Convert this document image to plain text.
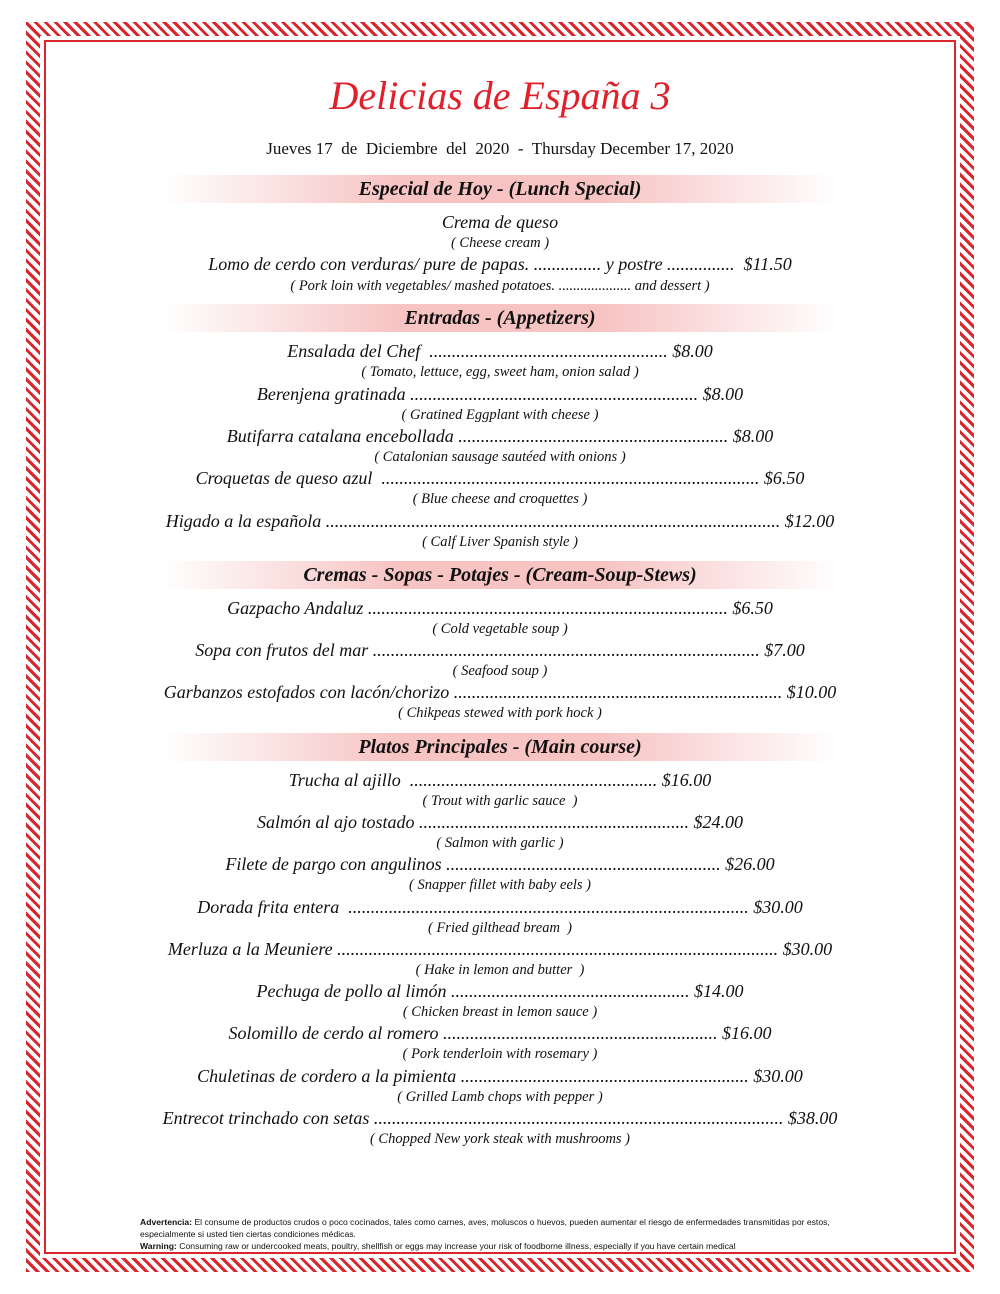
Delicias de España 3
Jueves 17  de  Diciembre  del  2020  -  Thursday December 17, 2020
Especial de Hoy - (Lunch Special)
Crema de queso
( Cheese cream )
Lomo de cerdo con verduras/ pure de papas. ............... y postre ...............  $11.50
( Pork loin with vegetables/ mashed potatoes. .................... and dessert )
Entradas - (Appetizers)
Ensalada del Chef  ..................................................... $8.00
( Tomato, lettuce, egg, sweet ham, onion salad )
Berenjena gratinada ................................................................ $8.00
( Gratined Eggplant with cheese )
Butifarra catalana encebollada ............................................................ $8.00
( Catalonian sausage sautéed with onions )
Croquetas de queso azul  .................................................................................... $6.50
( Blue cheese and croquettes )
Higado a la española ..................................................................................................... $12.00
( Calf Liver Spanish style )
Cremas - Sopas - Potajes - (Cream-Soup-Stews)
Gazpacho Andaluz ................................................................................ $6.50
( Cold vegetable soup )
Sopa con frutos del mar ...................................................................................... $7.00
( Seafood soup )
Garbanzos estofados con lacón/chorizo ......................................................................... $10.00
( Chikpeas stewed with pork hock )
Platos Principales - (Main course)
Trucha al ajillo  ....................................................... $16.00
( Trout with garlic sauce  )
Salmón al ajo tostado ............................................................ $24.00
( Salmon with garlic )
Filete de pargo con angulinos ............................................................. $26.00
( Snapper fillet with baby eels )
Dorada frita entera  ......................................................................................... $30.00
( Fried gilthead bream  )
Merluza a la Meuniere .................................................................................................. $30.00
( Hake in lemon and butter  )
Pechuga de pollo al limón ..................................................... $14.00
( Chicken breast in lemon sauce )
Solomillo de cerdo al romero ............................................................. $16.00
( Pork tenderloin with rosemary )
Chuletinas de cordero a la pimienta ................................................................ $30.00
( Grilled Lamb chops with pepper )
Entrecot trinchado con setas ........................................................................................... $38.00
( Chopped New york steak with mushrooms )
Advertencia: El consume de productos crudos o poco cocinados, tales como carnes, aves, moluscos o huevos, pueden aumentar el riesgo de enfermedades transmitidas por estos, especialmente si usted tien ciertas condiciones médicas.
Warning: Consuming raw or undercooked meats, poultry, shellfish or eggs may increase your risk of foodborne illness, especially if you have certain medical
